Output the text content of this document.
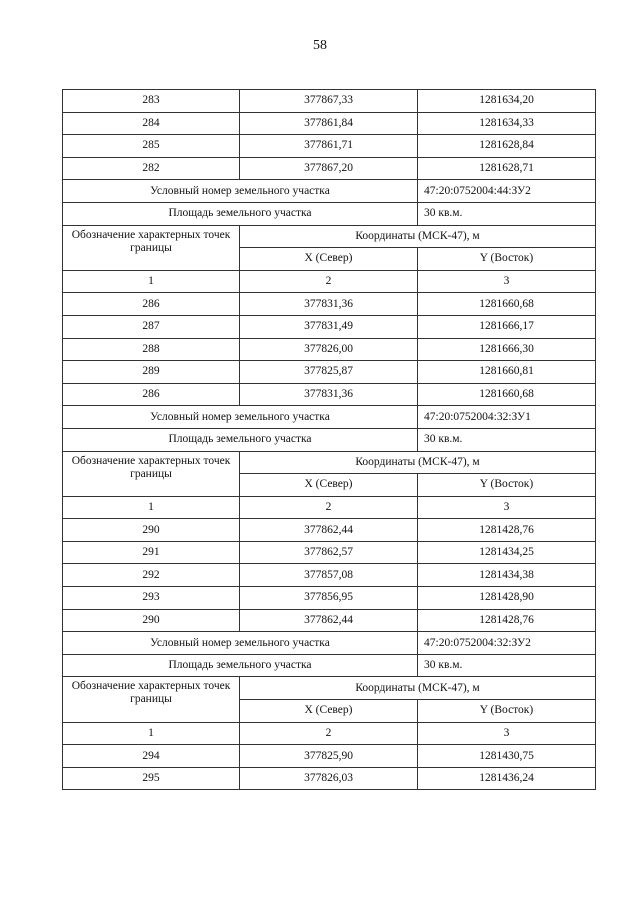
58
283	377867,33	1281634,20
284	377861,84	1281634,33
285	377861,71	1281628,84
282	377867,20	1281628,71
Условный номер земельного участка		47:20:0752004:44:ЗУ2
Площадь земельного участка		30 кв.м.
Обозначение характерных точек границы	Координаты (МСК-47), м	
	X (Север)	Y (Восток)
1	2	3
286	377831,36	1281660,68
287	377831,49	1281666,17
288	377826,00	1281666,30
289	377825,87	1281660,81
286	377831,36	1281660,68
Условный номер земельного участка		47:20:0752004:32:ЗУ1
Площадь земельного участка		30 кв.м.
Обозначение характерных точек границы	Координаты (МСК-47), м	
	X (Север)	Y (Восток)
1	2	3
290	377862,44	1281428,76
291	377862,57	1281434,25
292	377857,08	1281434,38
293	377856,95	1281428,90
290	377862,44	1281428,76
Условный номер земельного участка		47:20:0752004:32:ЗУ2
Площадь земельного участка		30 кв.м.
Обозначение характерных точек границы	Координаты (МСК-47), м	
	X (Север)	Y (Восток)
1	2	3
294	377825,90	1281430,75
295	377826,03	1281436,24
